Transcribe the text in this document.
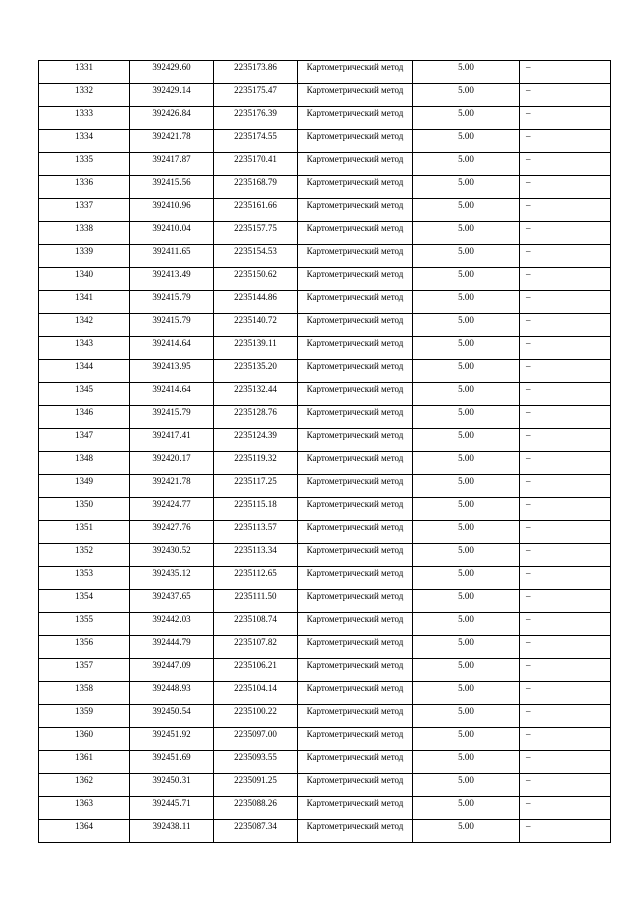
1331	392429.60	2235173.86	Картометрический метод	5.00	–

1332	392429.14	2235175.47	Картометрический метод	5.00	–

1333	392426.84	2235176.39	Картометрический метод	5.00	–

1334	392421.78	2235174.55	Картометрический метод	5.00	–

1335	392417.87	2235170.41	Картометрический метод	5.00	–

1336	392415.56	2235168.79	Картометрический метод	5.00	–

1337	392410.96	2235161.66	Картометрический метод	5.00	–

1338	392410.04	2235157.75	Картометрический метод	5.00	–

1339	392411.65	2235154.53	Картометрический метод	5.00	–

1340	392413.49	2235150.62	Картометрический метод	5.00	–

1341	392415.79	2235144.86	Картометрический метод	5.00	–

1342	392415.79	2235140.72	Картометрический метод	5.00	–

1343	392414.64	2235139.11	Картометрический метод	5.00	–

1344	392413.95	2235135.20	Картометрический метод	5.00	–

1345	392414.64	2235132.44	Картометрический метод	5.00	–

1346	392415.79	2235128.76	Картометрический метод	5.00	–

1347	392417.41	2235124.39	Картометрический метод	5.00	–

1348	392420.17	2235119.32	Картометрический метод	5.00	–

1349	392421.78	2235117.25	Картометрический метод	5.00	–

1350	392424.77	2235115.18	Картометрический метод	5.00	–

1351	392427.76	2235113.57	Картометрический метод	5.00	–

1352	392430.52	2235113.34	Картометрический метод	5.00	–

1353	392435.12	2235112.65	Картометрический метод	5.00	–

1354	392437.65	2235111.50	Картометрический метод	5.00	–

1355	392442.03	2235108.74	Картометрический метод	5.00	–

1356	392444.79	2235107.82	Картометрический метод	5.00	–

1357	392447.09	2235106.21	Картометрический метод	5.00	–

1358	392448.93	2235104.14	Картометрический метод	5.00	–

1359	392450.54	2235100.22	Картометрический метод	5.00	–

1360	392451.92	2235097.00	Картометрический метод	5.00	–

1361	392451.69	2235093.55	Картометрический метод	5.00	–

1362	392450.31	2235091.25	Картометрический метод	5.00	–

1363	392445.71	2235088.26	Картометрический метод	5.00	–

1364	392438.11	2235087.34	Картометрический метод	5.00	–
